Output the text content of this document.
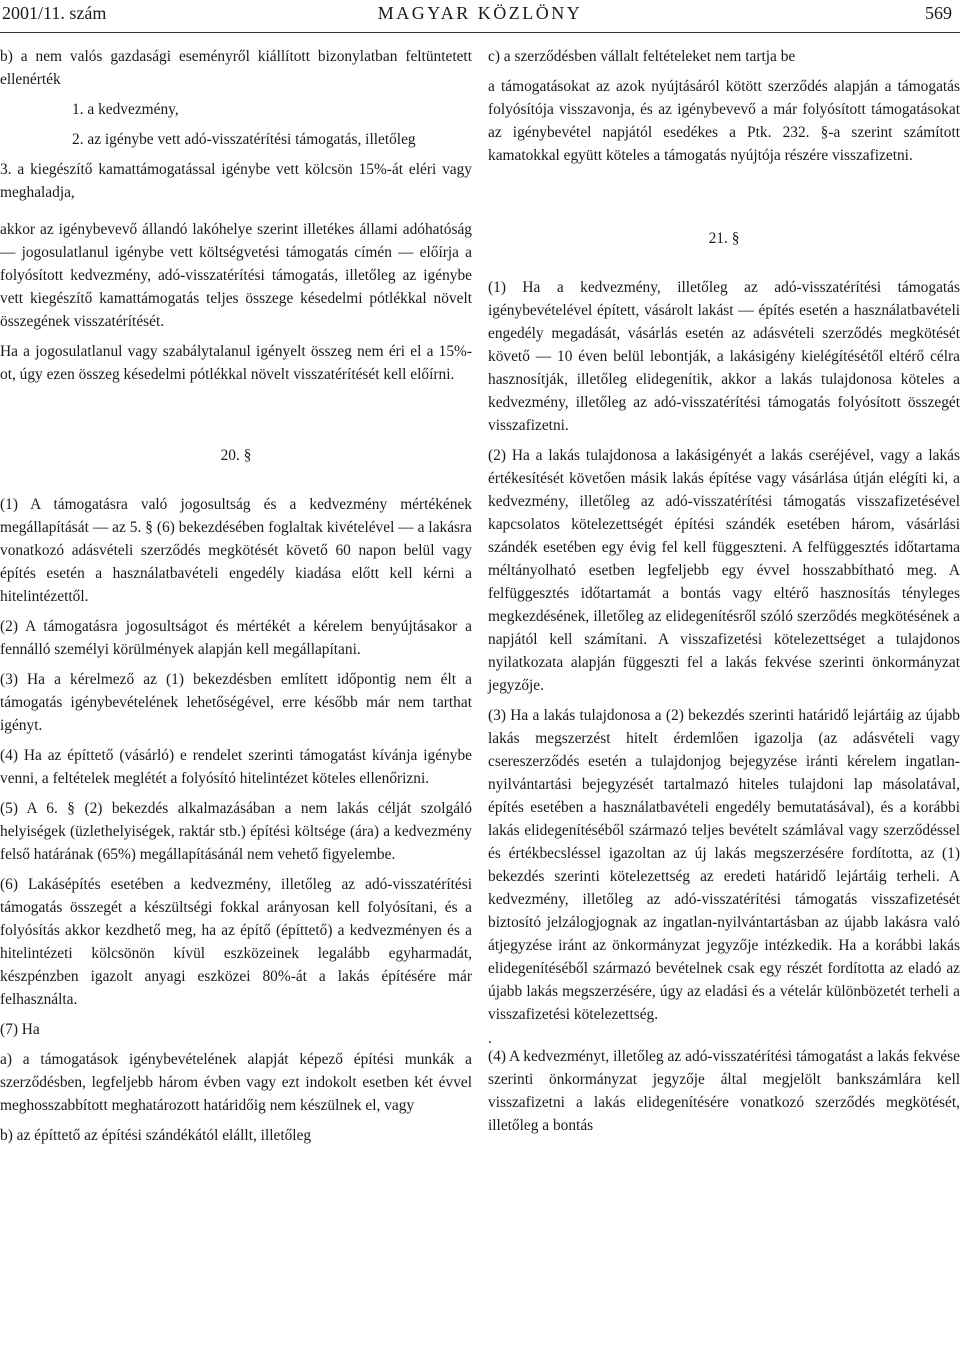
2001/11. szám	MAGYAR KÖZLÖNY	569

b) a nem valós gazdasági eseményről kiállított bizonylatban feltüntetett ellenérték

1. a kedvezmény,

2. az igénybe vett adó-visszatérítési támogatás, illetőleg

3. a kiegészítő kamattámogatással igénybe vett kölcsön 15%-át eléri vagy meghaladja,

akkor az igénybevevő állandó lakóhelye szerint illetékes állami adóhatóság — jogosulatlanul igénybe vett költségvetési támogatás címén — előírja a folyósított kedvezmény, adó-visszatérítési támogatás, illetőleg az igénybe vett kiegészítő kamattámogatás teljes összege késedelmi pótlékkal növelt összegének visszatérítését.

Ha a jogosulatlanul vagy szabálytalanul igényelt összeg nem éri el a 15%-ot, úgy ezen összeg késedelmi pótlékkal növelt visszatérítését kell előírni.

20. §

(1) A támogatásra való jogosultság és a kedvezmény mértékének megállapítását — az 5. § (6) bekezdésében foglaltak kivételével — a lakásra vonatkozó adásvételi szerződés megkötését követő 60 napon belül vagy építés esetén a használatbavételi engedély kiadása előtt kell kérni a hitelintézettől.

(2) A támogatásra jogosultságot és mértékét a kérelem benyújtásakor a fennálló személyi körülmények alapján kell megállapítani.

(3) Ha a kérelmező az (1) bekezdésben említett időpontig nem élt a támogatás igénybevételének lehetőségével, erre később már nem tarthat igényt.

(4) Ha az építtető (vásárló) e rendelet szerinti támogatást kívánja igénybe venni, a feltételek meglétét a folyósító hitelintézet köteles ellenőrizni.

(5) A 6. § (2) bekezdés alkalmazásában a nem lakás célját szolgáló helyiségek (üzlethelyiségek, raktár stb.) építési költsége (ára) a kedvezmény felső határának (65%) megállapításánál nem vehető figyelembe.

(6) Lakásépítés esetében a kedvezmény, illetőleg az adó-visszatérítési támogatás összegét a készültségi fokkal arányosan kell folyósítani, és a folyósítás akkor kezdhető meg, ha az építő (építtető) a kedvezményen és a hitelintézeti kölcsönön kívül eszközeinek legalább egyharmadát, készpénzben igazolt anyagi eszközei 80%-át a lakás építésére már felhasználta.

(7) Ha

a) a támogatások igénybevételének alapját képező építési munkák a szerződésben, legfeljebb három évben vagy ezt indokolt esetben két évvel meghosszabbított meghatározott határidőig nem készülnek el, vagy

b) az építtető az építési szándékától elállt, illetőleg

c) a szerződésben vállalt feltételeket nem tartja be

a támogatásokat az azok nyújtásáról kötött szerződés alapján a támogatás folyósítója visszavonja, és az igénybevevő a már folyósított támogatásokat az igénybevétel napjától esedékes a Ptk. 232. §-a szerint számított kamatokkal együtt köteles a támogatás nyújtója részére visszafizetni.

21. §

(1) Ha a kedvezmény, illetőleg az adó-visszatérítési támogatás igénybevételével épített, vásárolt lakást — építés esetén a használatbavételi engedély megadását, vásárlás esetén az adásvételi szerződés megkötését követő — 10 éven belül lebontják, a lakásigény kielégítésétől eltérő célra hasznosítják, illetőleg elidegenítik, akkor a lakás tulajdonosa köteles a kedvezmény, illetőleg az adó-visszatérítési támogatás folyósított összegét visszafizetni.

(2) Ha a lakás tulajdonosa a lakásigényét a lakás cseréjével, vagy a lakás értékesítését követően másik lakás építése vagy vásárlása útján elégíti ki, a kedvezmény, illetőleg az adó-visszatérítési támogatás visszafizetésével kapcsolatos kötelezettségét építési szándék esetében három, vásárlási szándék esetében egy évig fel kell függeszteni. A felfüggesztés időtartama méltányolható esetben legfeljebb egy évvel hosszabbítható meg. A felfüggesztés időtartamát a bontás vagy eltérő hasznosítás tényleges megkezdésének, illetőleg az elidegenítésről szóló szerződés megkötésének a napjától kell számítani. A visszafizetési kötelezettséget a tulajdonos nyilatkozata alapján függeszti fel a lakás fekvése szerinti önkormányzat jegyzője.

(3) Ha a lakás tulajdonosa a (2) bekezdés szerinti határidő lejártáig az újabb lakás megszerzést hitelt érdemlően igazolja (az adásvételi vagy csereszerződés esetén a tulajdonjog bejegyzése iránti kérelem ingatlan-nyilvántartási bejegyzését tartalmazó hiteles tulajdoni lap másolatával, építés esetében a használatbavételi engedély bemutatásával), és a korábbi lakás elidegenítéséből származó teljes bevételt számlával vagy szerződéssel és értékbecsléssel igazoltan az új lakás megszerzésére fordította, az (1) bekezdés szerinti kötelezettség az eredeti határidő lejártáig terheli. A kedvezmény, illetőleg az adó-visszatérítési támogatás visszafizetését biztosító jelzálogjognak az ingatlan-nyilvántartásban az újabb lakásra való átjegyzése iránt az önkormányzat jegyzője intézkedik. Ha a korábbi lakás elidegenítéséből származó bevételnek csak egy részét fordította az eladó az újabb lakás megszerzésére, úgy az eladási és a vételár különbözetét terheli a visszafizetési kötelezettség.

.

(4) A kedvezményt, illetőleg az adó-visszatérítési támogatást a lakás fekvése szerinti önkormányzat jegyzője által megjelölt bankszámlára kell visszafizetni a lakás elidegenítésére vonatkozó szerződés megkötését, illetőleg a bontás
